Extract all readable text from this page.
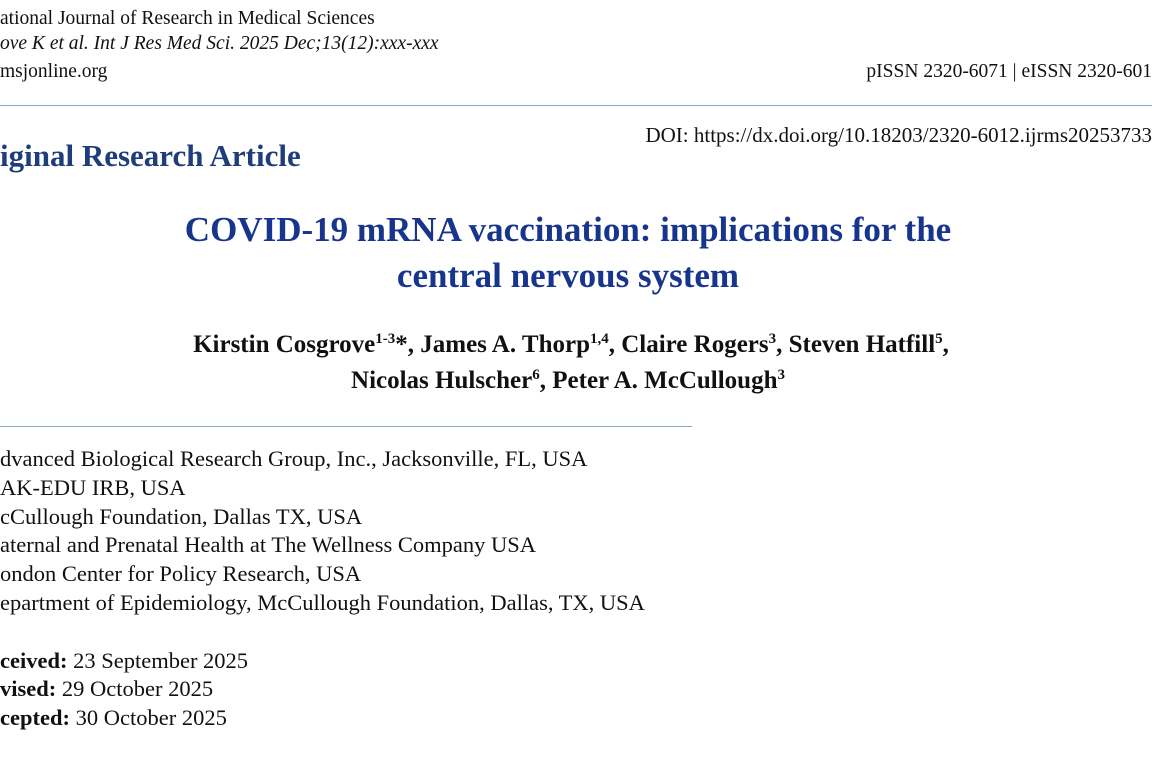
ational Journal of Research in Medical Sciences
ove K et al. Int J Res Med Sci. 2025 Dec;13(12):xxx-xxx
msjonline.org	pISSN 2320-6071 | eISSN 2320-601
DOI: https://dx.doi.org/10.18203/2320-6012.ijrms20253733
iginal Research Article
COVID-19 mRNA vaccination: implications for the
central nervous system
Kirstin Cosgrove$^{1-3}$*, James A. Thorp$^{1,4}$, Claire Rogers$^3$, Steven Hatfill$^5$,
Nicolas Hulscher$^6$, Peter A. McCullough$^3$
dvanced Biological Research Group, Inc., Jacksonville, FL, USA
AK-EDU IRB, USA
cCullough Foundation, Dallas TX, USA
aternal and Prenatal Health at The Wellness Company USA
ondon Center for Policy Research, USA
epartment of Epidemiology, McCullough Foundation, Dallas, TX, USA
ceived: 23 September 2025
vised: 29 October 2025
cepted: 30 October 2025
